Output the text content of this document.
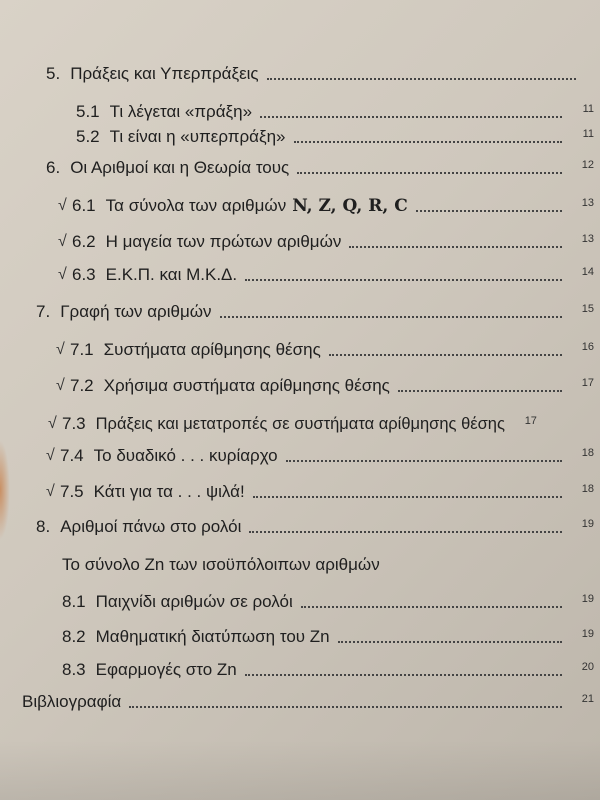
5. Πράξεις και Υπερπράξεις
5.1 Τι λέγεται «πράξη»	11
5.2 Τι είναι η «υπερπράξη»	11
6. Οι Αριθμοί και η Θεωρία τους	12
√ 6.1 Τα σύνολα των αριθμών N, Z, Q, R, C	13
√ 6.2 Η μαγεία των πρώτων αριθμών	13
√ 6.3 Ε.Κ.Π. και Μ.Κ.Δ.	14
7. Γραφή των αριθμών	15
√ 7.1 Συστήματα αρίθμησης θέσης	16
√ 7.2 Χρήσιμα συστήματα αρίθμησης θέσης	17
√ 7.3 Πράξεις και μετατροπές σε συστήματα αρίθμησης θέσης	17
√ 7.4 Το δυαδικό . . . κυρίαρχο	18
√ 7.5 Κάτι για τα . . . ψιλά!	18
8. Αριθμοί πάνω στο ρολόι	19
Το σύνολο Zn των ισοϋπόλοιπων αριθμών
8.1 Παιχνίδι αριθμών σε ρολόι	19
8.2 Μαθηματική διατύπωση του Zn	19
8.3 Εφαρμογές στο Zn	20
Βιβλιογραφία	21
